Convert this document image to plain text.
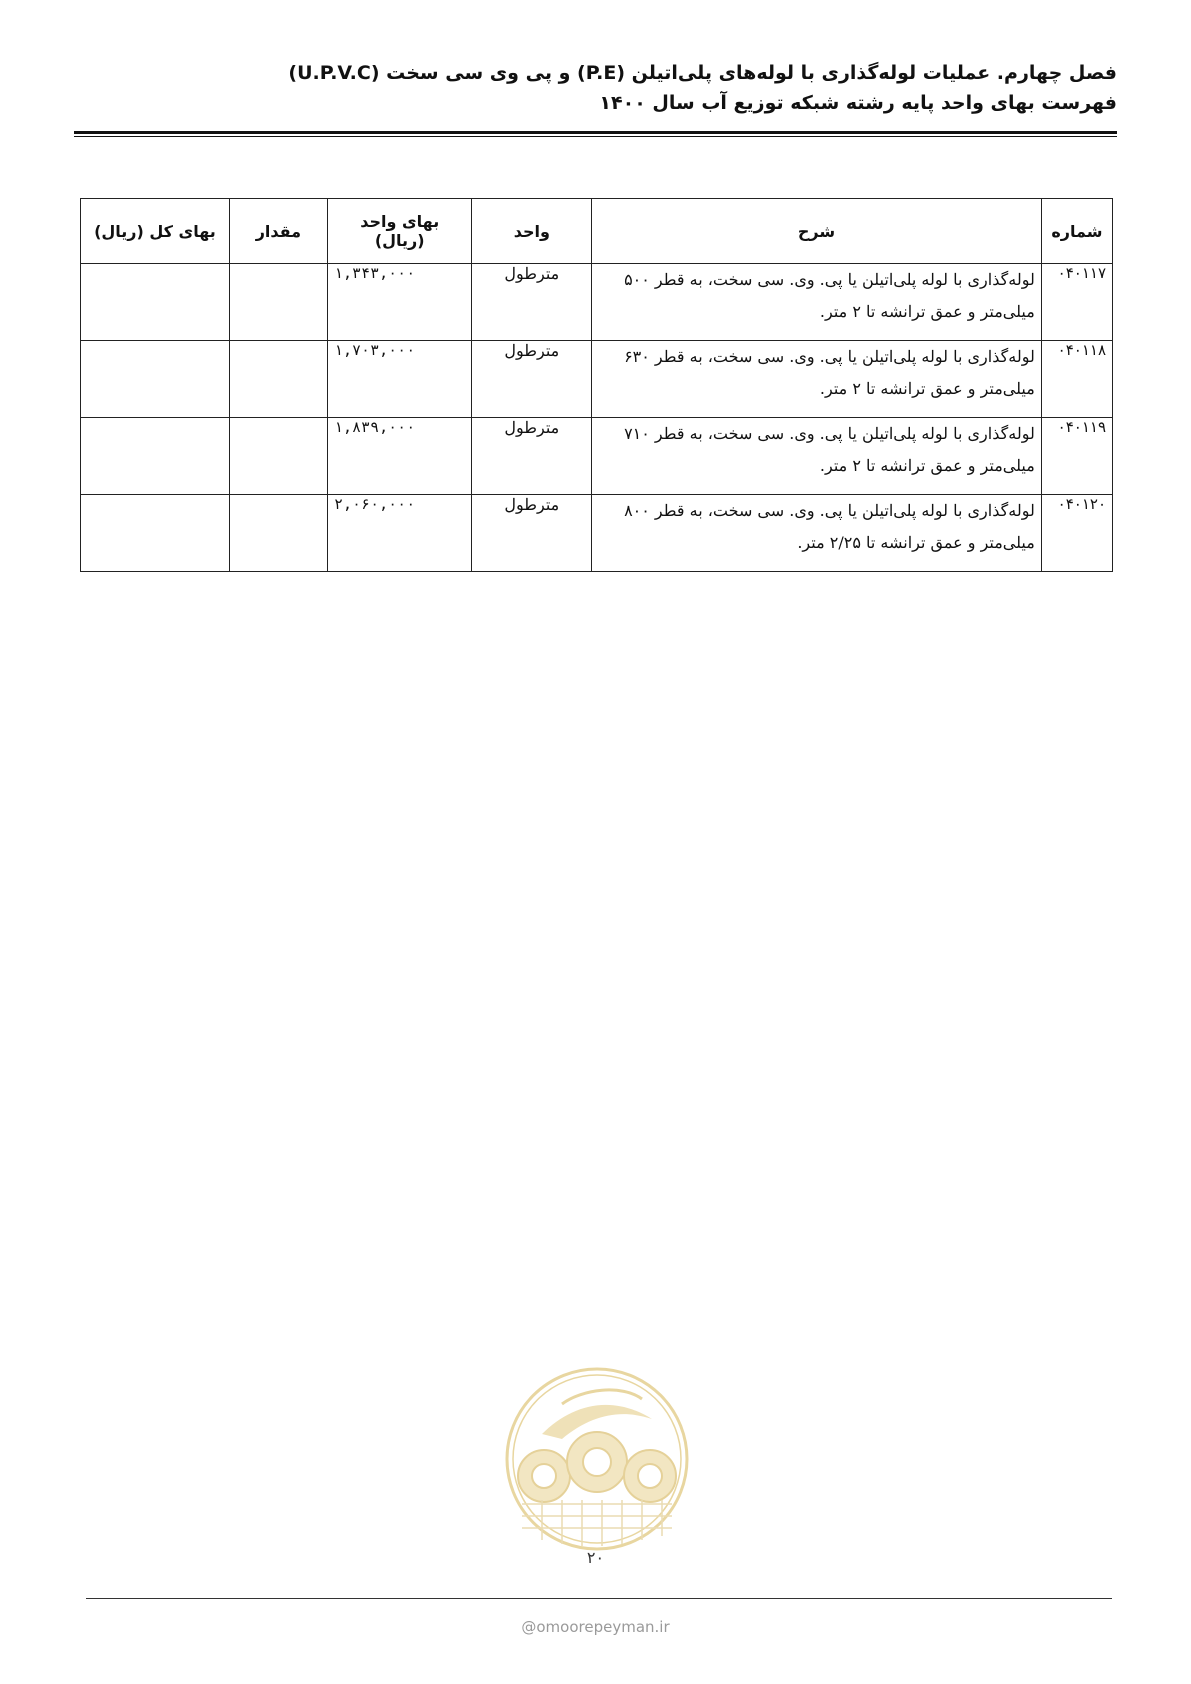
فصل چهارم. عملیات لوله‌گذاری با لوله‌های پلی‌اتیلن (P.E) و پی وی سی سخت (U.P.V.C)
فهرست بهای واحد پایه رشته شبکه توزیع آب سال ۱۴۰۰
شماره	شرح	واحد	بهای واحد (ریال)	مقدار	بهای کل (ریال)
۰۴۰۱۱۷	لوله‌گذاری با لوله پلی‌اتیلن یا پی. وی. سی سخت، به قطر ۵۰۰ میلی‌متر و عمق ترانشه تا ۲ متر.	مترطول	۱,۳۴۳,۰۰۰		
۰۴۰۱۱۸	لوله‌گذاری با لوله پلی‌اتیلن یا پی. وی. سی سخت، به قطر ۶۳۰ میلی‌متر و عمق ترانشه تا ۲ متر.	مترطول	۱,۷۰۳,۰۰۰		
۰۴۰۱۱۹	لوله‌گذاری با لوله پلی‌اتیلن یا پی. وی. سی سخت، به قطر ۷۱۰ میلی‌متر و عمق ترانشه تا ۲ متر.	مترطول	۱,۸۳۹,۰۰۰		
۰۴۰۱۲۰	لوله‌گذاری با لوله پلی‌اتیلن یا پی. وی. سی سخت، به قطر ۸۰۰ میلی‌متر و عمق ترانشه تا ۲/۲۵ متر.	مترطول	۲,۰۶۰,۰۰۰		
۲۰
@omoorepeyman.ir
